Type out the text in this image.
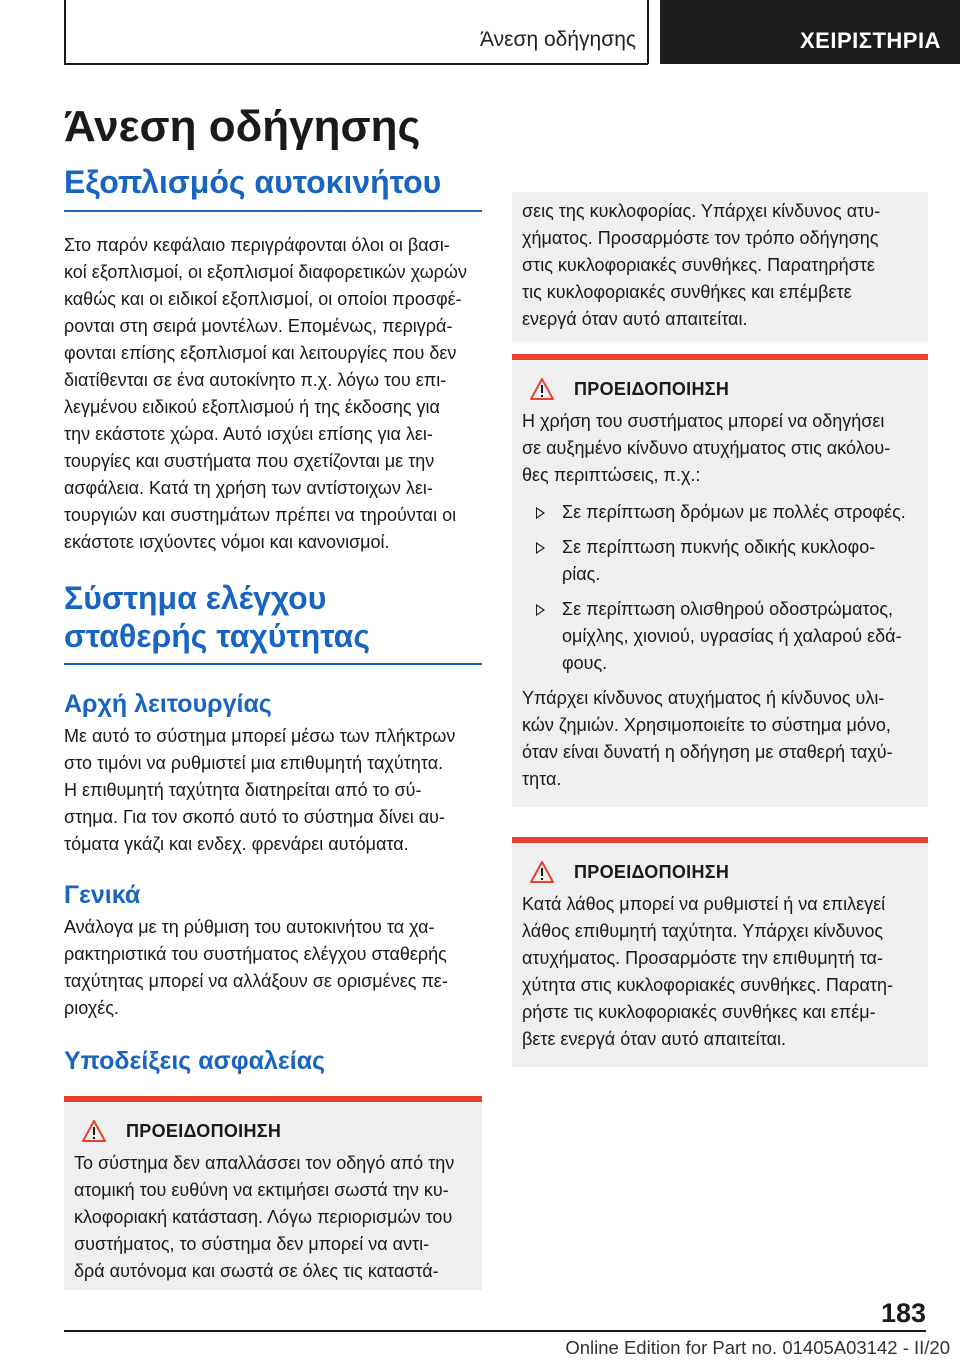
Άνεση οδήγησης	ΧΕΙΡΙΣΤΗΡΙΑ
Άνεση οδήγησης
Εξοπλισμός αυτοκινήτου
Στο παρόν κεφάλαιο περιγράφονται όλοι οι βασι-
κοί εξοπλισμοί, οι εξοπλισμοί διαφορετικών χωρών
καθώς και οι ειδικοί εξοπλισμοί, οι οποίοι προσφέ-
ρονται στη σειρά μοντέλων. Επομένως, περιγρά-
φονται επίσης εξοπλισμοί και λειτουργίες που δεν
διατίθενται σε ένα αυτοκίνητο π.χ. λόγω του επι-
λεγμένου ειδικού εξοπλισμού ή της έκδοσης για
την εκάστοτε χώρα. Αυτό ισχύει επίσης για λει-
τουργίες και συστήματα που σχετίζονται με την
ασφάλεια. Κατά τη χρήση των αντίστοιχων λει-
τουργιών και συστημάτων πρέπει να τηρούνται οι
εκάστοτε ισχύοντες νόμοι και κανονισμοί.
Σύστημα ελέγχου
σταθερής ταχύτητας
Αρχή λειτουργίας
Με αυτό το σύστημα μπορεί μέσω των πλήκτρων
στο τιμόνι να ρυθμιστεί μια επιθυμητή ταχύτητα.
Η επιθυμητή ταχύτητα διατηρείται από το σύ-
στημα. Για τον σκοπό αυτό το σύστημα δίνει αυ-
τόματα γκάζι και ενδεχ. φρενάρει αυτόματα.
Γενικά
Ανάλογα με τη ρύθμιση του αυτοκινήτου τα χα-
ρακτηριστικά του συστήματος ελέγχου σταθερής
ταχύτητας μπορεί να αλλάξουν σε ορισμένες πε-
ριοχές.
Υποδείξεις ασφαλείας
ΠΡΟΕΙΔΟΠΟΙΗΣΗ
Το σύστημα δεν απαλλάσσει τον οδηγό από την
ατομική του ευθύνη να εκτιμήσει σωστά την κυ-
κλοφοριακή κατάσταση. Λόγω περιορισμών του
συστήματος, το σύστημα δεν μπορεί να αντι-
δρά αυτόνομα και σωστά σε όλες τις καταστά-
σεις της κυκλοφορίας. Υπάρχει κίνδυνος ατυ-
χήματος. Προσαρμόστε τον τρόπο οδήγησης
στις κυκλοφοριακές συνθήκες. Παρατηρήστε
τις κυκλοφοριακές συνθήκες και επέμβετε
ενεργά όταν αυτό απαιτείται.
ΠΡΟΕΙΔΟΠΟΙΗΣΗ
Η χρήση του συστήματος μπορεί να οδηγήσει
σε αυξημένο κίνδυνο ατυχήματος στις ακόλου-
θες περιπτώσεις, π.χ.:
Σε περίπτωση δρόμων με πολλές στροφές.
Σε περίπτωση πυκνής οδικής κυκλοφο-
ρίας.
Σε περίπτωση ολισθηρού οδοστρώματος,
ομίχλης, χιονιού, υγρασίας ή χαλαρού εδά-
φους.
Υπάρχει κίνδυνος ατυχήματος ή κίνδυνος υλι-
κών ζημιών. Χρησιμοποιείτε το σύστημα μόνο,
όταν είναι δυνατή η οδήγηση με σταθερή ταχύ-
τητα.
ΠΡΟΕΙΔΟΠΟΙΗΣΗ
Κατά λάθος μπορεί να ρυθμιστεί ή να επιλεγεί
λάθος επιθυμητή ταχύτητα. Υπάρχει κίνδυνος
ατυχήματος. Προσαρμόστε την επιθυμητή τα-
χύτητα στις κυκλοφοριακές συνθήκες. Παρατη-
ρήστε τις κυκλοφοριακές συνθήκες και επέμ-
βετε ενεργά όταν αυτό απαιτείται.
183
Online Edition for Part no. 01405A03142 - II/20
